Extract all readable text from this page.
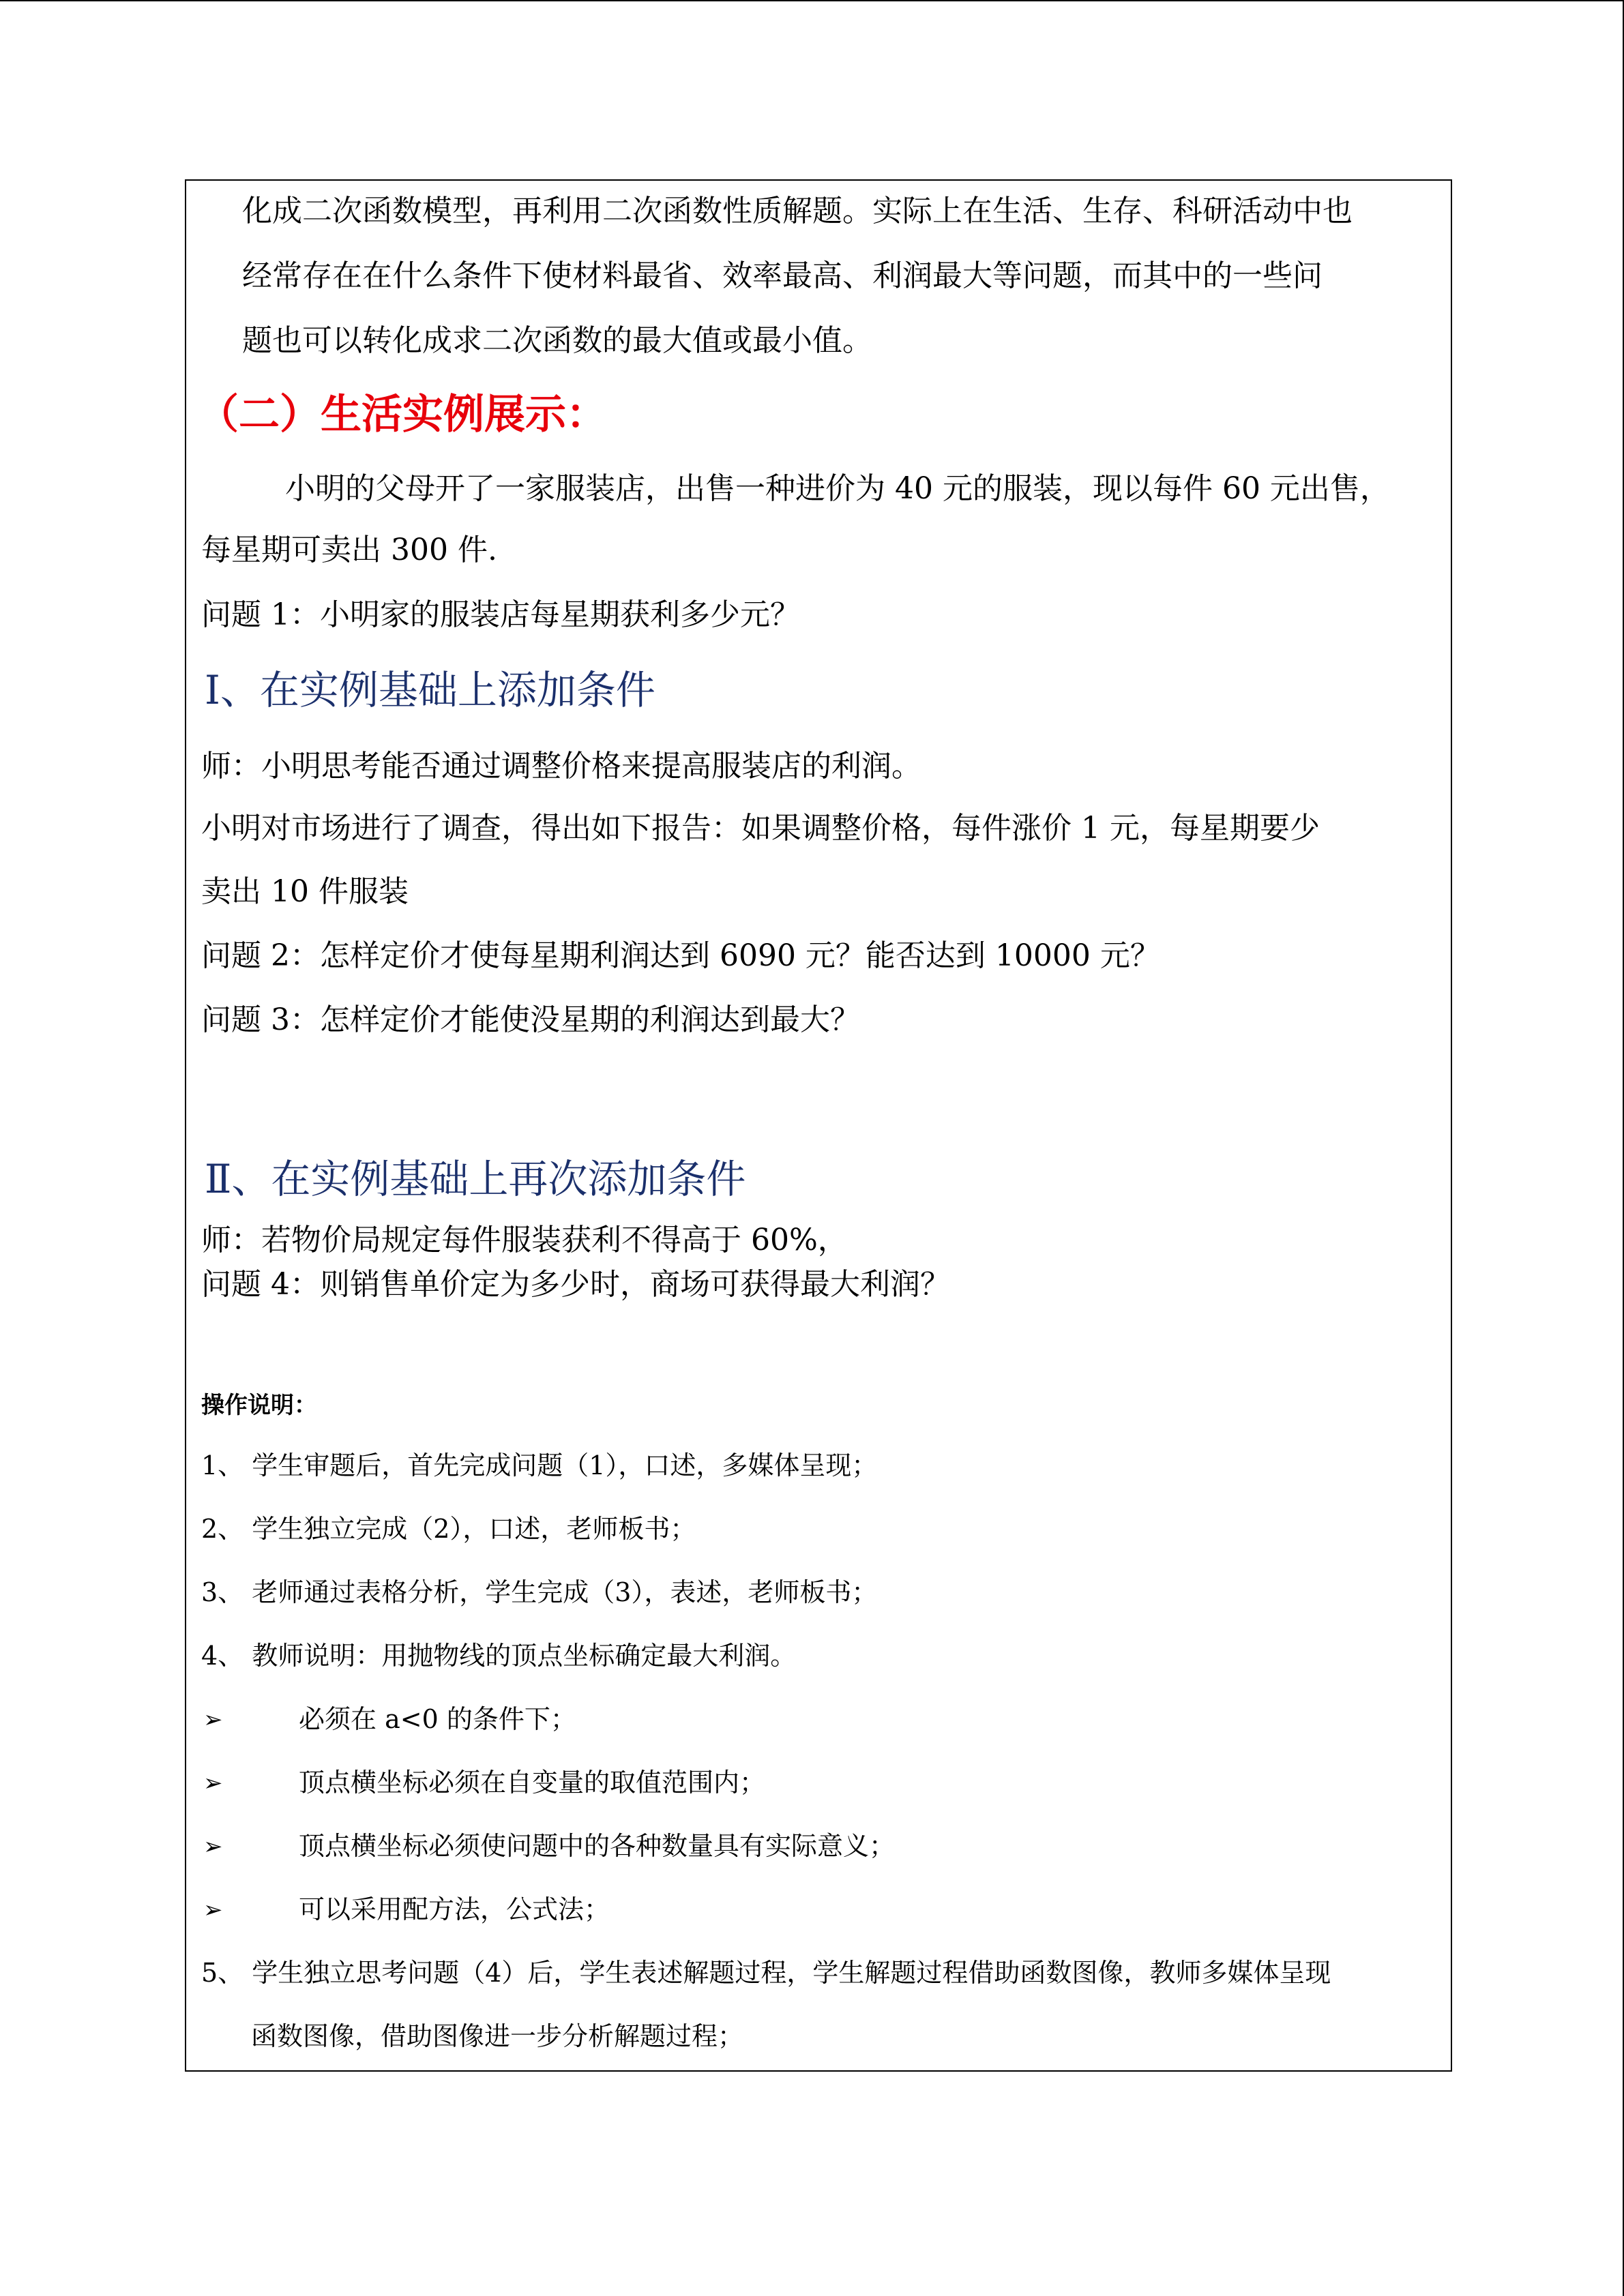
化成二次函数模型，再利用二次函数性质解题。实际上在生活、生存、科研活动中也
经常存在在什么条件下使材料最省、效率最高、利润最大等问题，而其中的一些问
题也可以转化成求二次函数的最大值或最小值。
（二）生活实例展示：
小明的父母开了一家服装店，出售一种进价为 40 元的服装，现以每件 60 元出售，
每星期可卖出 300 件.
问题 1：小明家的服装店每星期获利多少元？
Ⅰ、在实例基础上添加条件
师：小明思考能否通过调整价格来提高服装店的利润。
小明对市场进行了调查，得出如下报告：如果调整价格，每件涨价 1 元，每星期要少
卖出 10 件服装
问题 2：怎样定价才使每星期利润达到 6090 元？能否达到 10000 元？
问题 3：怎样定价才能使没星期的利润达到最大？
Ⅱ、在实例基础上再次添加条件
师：若物价局规定每件服装获利不得高于 60%，
问题 4：则销售单价定为多少时，商场可获得最大利润？
操作说明：
1、 学生审题后，首先完成问题（1），口述，多媒体呈现；
2、 学生独立完成（2），口述，老师板书；
3、 老师通过表格分析，学生完成（3），表述，老师板书；
4、 教师说明：用抛物线的顶点坐标确定最大利润。
➢	必须在 a<0 的条件下；
➢	顶点横坐标必须在自变量的取值范围内；
➢	顶点横坐标必须使问题中的各种数量具有实际意义；
➢	可以采用配方法，公式法；
5、 学生独立思考问题（4）后，学生表述解题过程，学生解题过程借助函数图像，教师多媒体呈现
函数图像，借助图像进一步分析解题过程；
